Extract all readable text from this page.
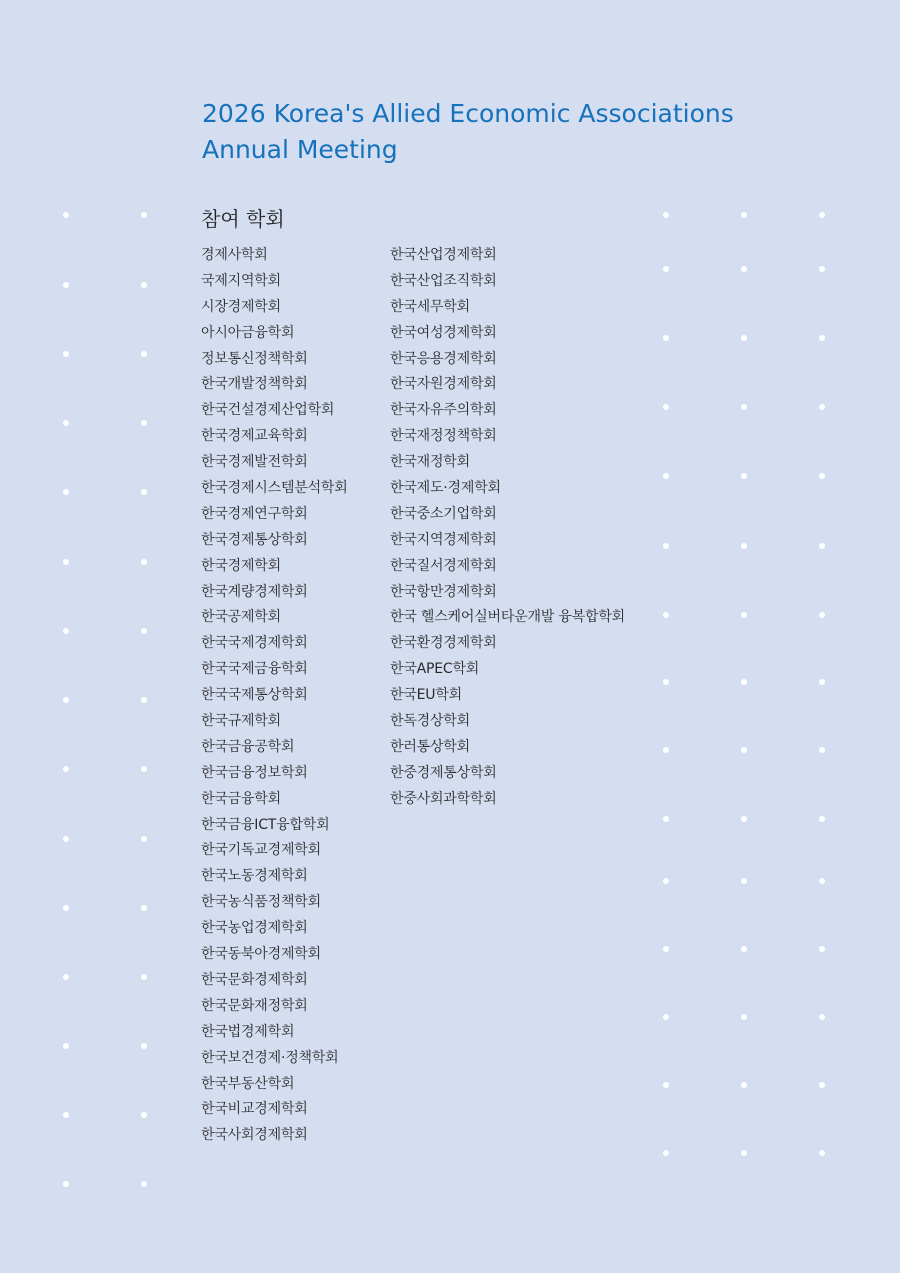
2026 Korea's Allied Economic Associations
Annual Meeting
참여 학회
경제사학회
국제지역학회
시장경제학회
아시아금융학회
정보통신정책학회
한국개발정책학회
한국건설경제산업학회
한국경제교육학회
한국경제발전학회
한국경제시스템분석학회
한국경제연구학회
한국경제통상학회
한국경제학회
한국계량경제학회
한국공제학회
한국국제경제학회
한국국제금융학회
한국국제통상학회
한국규제학회
한국금융공학회
한국금융정보학회
한국금융학회
한국금융ICT융합학회
한국기독교경제학회
한국노동경제학회
한국농식품정책학회
한국농업경제학회
한국동북아경제학회
한국문화경제학회
한국문화재정학회
한국법경제학회
한국보건경제·정책학회
한국부동산학회
한국비교경제학회
한국사회경제학회
한국산업경제학회
한국산업조직학회
한국세무학회
한국여성경제학회
한국응용경제학회
한국자원경제학회
한국자유주의학회
한국재정정책학회
한국재정학회
한국제도·경제학회
한국중소기업학회
한국지역경제학회
한국질서경제학회
한국항만경제학회
한국 헬스케어실버타운개발 융복합학회
한국환경경제학회
한국APEC학회
한국EU학회
한독경상학회
한러통상학회
한중경제통상학회
한중사회과학학회
